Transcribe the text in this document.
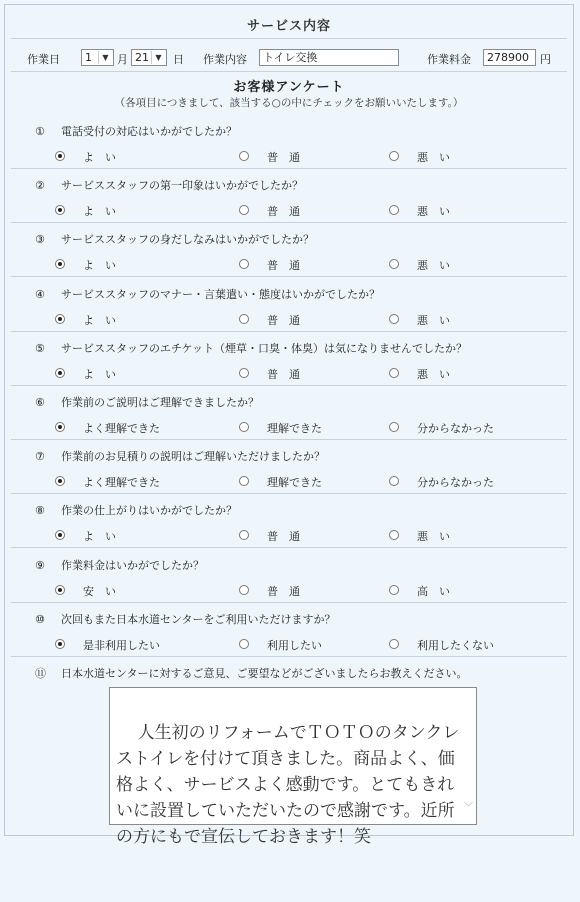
サービス内容
作業日	1	▼ 月 21 ▼	日 作業内容	トイレ交換	作業料金	278900	円
お客様アンケート
（各項目につきまして、該当する○の中にチェックをお願いいたします。）
① 電話受付の対応はいかがでしたか？
よ　い	普　通	悪　い
② サービススタッフの第一印象はいかがでしたか？
よ　い	普　通	悪　い
③ サービススタッフの身だしなみはいかがでしたか？
よ　い	普　通	悪　い
④ サービススタッフのマナー・言葉遣い・態度はいかがでしたか？
よ　い	普　通	悪　い
⑤ サービススタッフのエチケット（煙草・口臭・体臭）は気になりませんでしたか？
よ　い	普　通	悪　い
⑥ 作業前のご説明はご理解できましたか？
よく理解できた	理解できた	分からなかった
⑦ 作業前のお見積りの説明はご理解いただけましたか？
よく理解できた	理解できた	分からなかった
⑧ 作業の仕上がりはいかがでしたか？
よ　い	普　通	悪　い
⑨ 作業料金はいかがでしたか？
安　い	普　通	高　い
⑩ 次回もまた日本水道センターをご利用いただけますか？
是非利用したい	利用したい	利用したくない
⑪ 日本水道センターに対するご意見、ご要望などがございましたらお教えください。

人生初のリフォームでＴＯＴＯのタンクレストイレを付けて頂きました。商品よく、価格よく、サービスよく感動です。とてもきれいに設置していただいたので感謝です。近所の方にもで宣伝しておきます！笑

﹀
